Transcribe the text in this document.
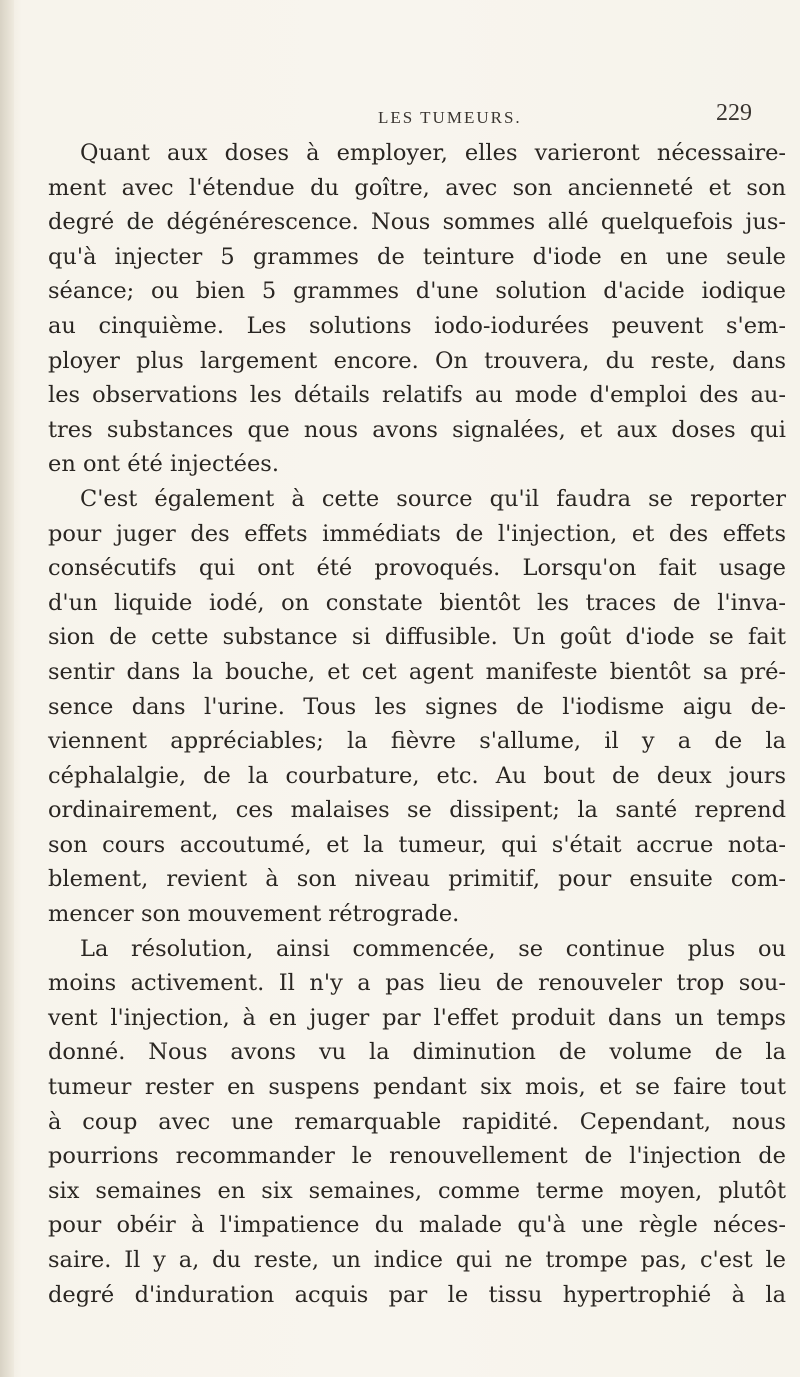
LES TUMEURS.	229
Quant aux doses à employer, elles varieront nécessaire-
ment avec l'étendue du goître, avec son ancienneté et son
degré de dégénérescence. Nous sommes allé quelquefois jus-
qu'à injecter 5 grammes de teinture d'iode en une seule
séance; ou bien 5 grammes d'une solution d'acide iodique
au cinquième. Les solutions iodo-iodurées peuvent s'em-
ployer plus largement encore. On trouvera, du reste, dans
les observations les détails relatifs au mode d'emploi des au-
tres substances que nous avons signalées, et aux doses qui
en ont été injectées.
C'est également à cette source qu'il faudra se reporter
pour juger des effets immédiats de l'injection, et des effets
consécutifs qui ont été provoqués. Lorsqu'on fait usage
d'un liquide iodé, on constate bientôt les traces de l'inva-
sion de cette substance si diffusible. Un goût d'iode se fait
sentir dans la bouche, et cet agent manifeste bientôt sa pré-
sence dans l'urine. Tous les signes de l'iodisme aigu de-
viennent appréciables; la fièvre s'allume, il y a de la
céphalalgie, de la courbature, etc. Au bout de deux jours
ordinairement, ces malaises se dissipent; la santé reprend
son cours accoutumé, et la tumeur, qui s'était accrue nota-
blement, revient à son niveau primitif, pour ensuite com-
mencer son mouvement rétrograde.
La résolution, ainsi commencée, se continue plus ou
moins activement. Il n'y a pas lieu de renouveler trop sou-
vent l'injection, à en juger par l'effet produit dans un temps
donné. Nous avons vu la diminution de volume de la
tumeur rester en suspens pendant six mois, et se faire tout
à coup avec une remarquable rapidité. Cependant, nous
pourrions recommander le renouvellement de l'injection de
six semaines en six semaines, comme terme moyen, plutôt
pour obéir à l'impatience du malade qu'à une règle néces-
saire. Il y a, du reste, un indice qui ne trompe pas, c'est le
degré d'induration acquis par le tissu hypertrophié à la
